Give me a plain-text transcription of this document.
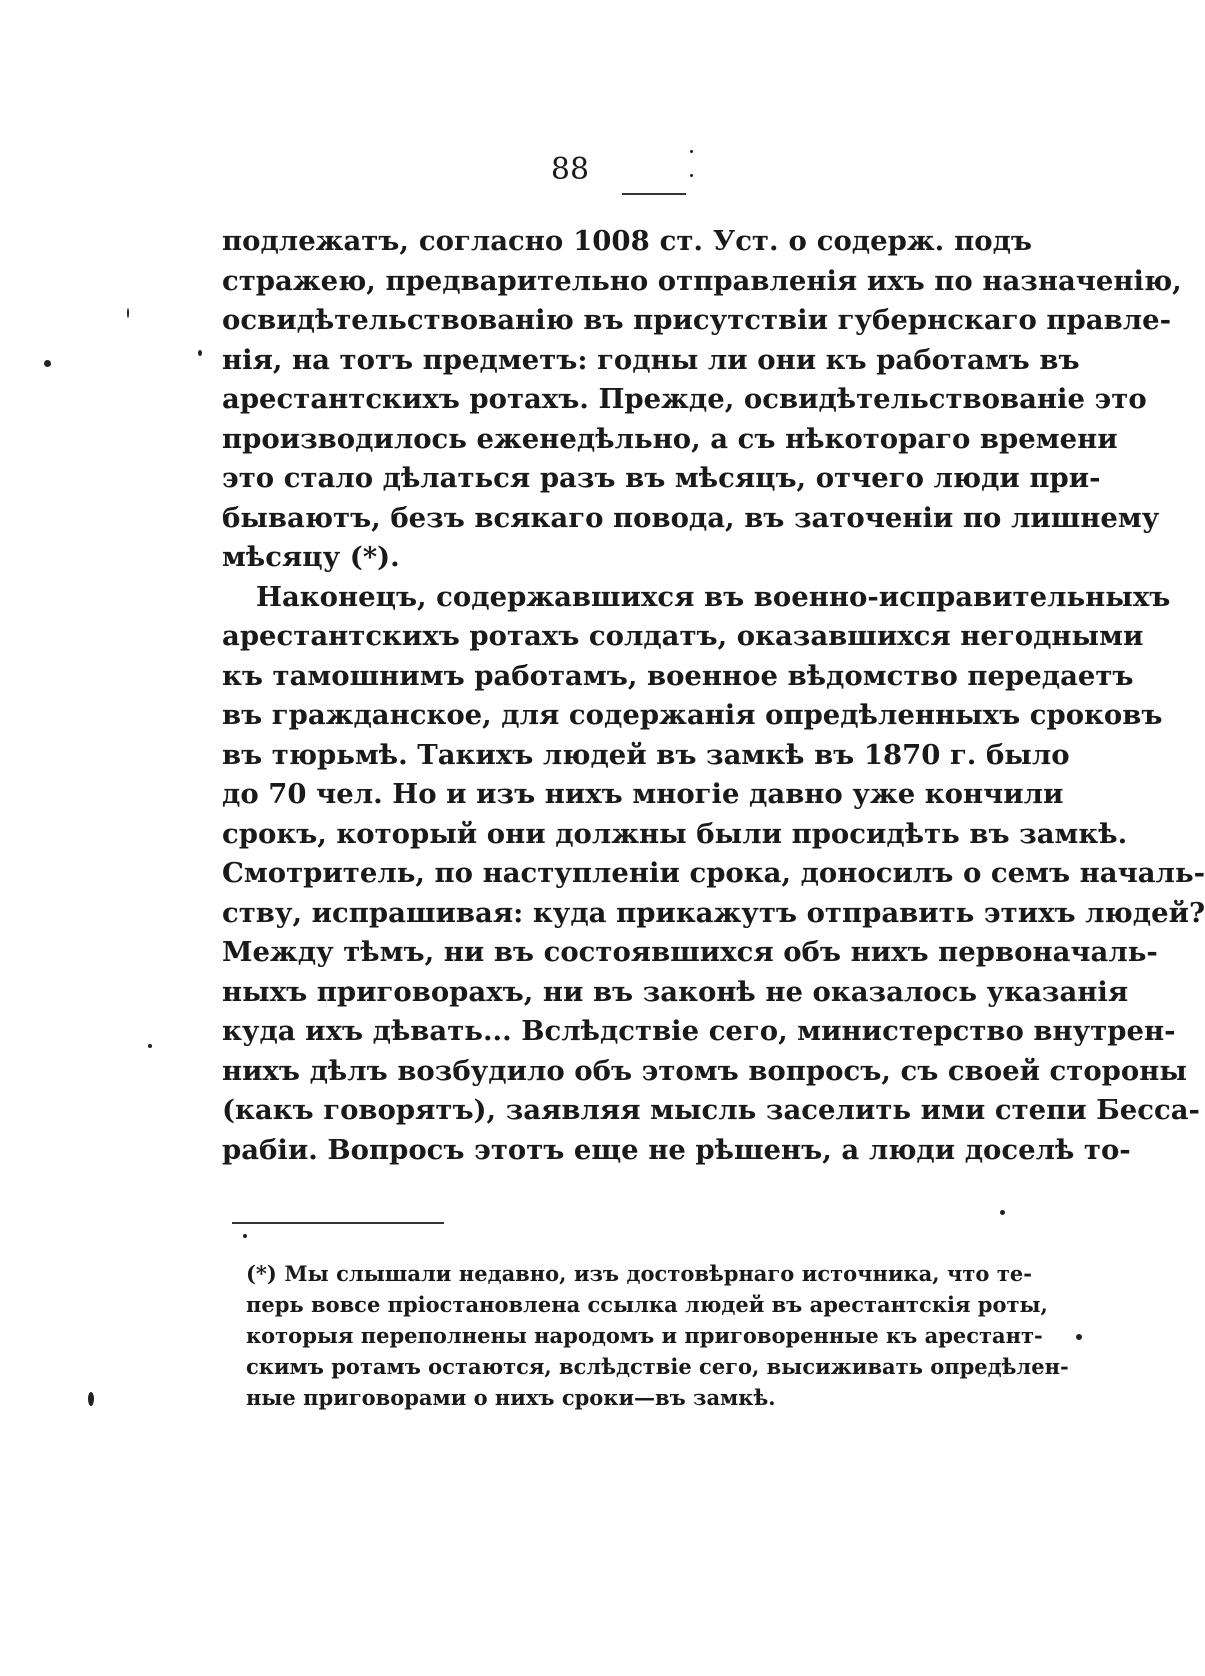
88
подлежатъ, согласно 1008 ст. Уст. о содерж. подъ
стражею, предварительно отправленія ихъ по назначенію,
освидѣтельствованію въ присутствіи губернскаго правле-
нія, на тотъ предметъ: годны ли они къ работамъ въ
арестантскихъ ротахъ. Прежде, освидѣтельствованіе это
производилось еженедѣльно, а съ нѣкотораго времени
это стало дѣлаться разъ въ мѣсяцъ, отчего люди при-
бываютъ, безъ всякаго повода, въ заточеніи по лишнему
мѣсяцу (*).
Наконецъ, содержавшихся въ военно-исправительныхъ
арестантскихъ ротахъ солдатъ, оказавшихся негодными
къ тамошнимъ работамъ, военное вѣдомство передаетъ
въ гражданское, для содержанія опредѣленныхъ сроковъ
въ тюрьмѣ. Такихъ людей въ замкѣ въ 1870 г. было
до 70 чел. Но и изъ нихъ многіе давно уже кончили
срокъ, который они должны были просидѣть въ замкѣ.
Смотритель, по наступленіи срока, доносилъ о семъ началь-
ству, испрашивая: куда прикажутъ отправить этихъ людей?
Между тѣмъ, ни въ состоявшихся объ нихъ первоначаль-
ныхъ приговорахъ, ни въ законѣ не оказалось указанія
куда ихъ дѣвать... Вслѣдствіе сего, министерство внутрен-
нихъ дѣлъ возбудило объ этомъ вопросъ, съ своей стороны
(какъ говорятъ), заявляя мысль заселить ими степи Бесса-
рабіи. Вопросъ этотъ еще не рѣшенъ, а люди доселѣ то-
(*) Мы слышали недавно, изъ достовѣрнаго источника, что те-
перь вовсе пріостановлена ссылка людей въ арестантскія роты,
которыя переполнены народомъ и приговоренные къ арестант-
скимъ ротамъ остаются, вслѣдствіе сего, высиживать опредѣлен-
ные приговорами о нихъ сроки—въ замкѣ.
